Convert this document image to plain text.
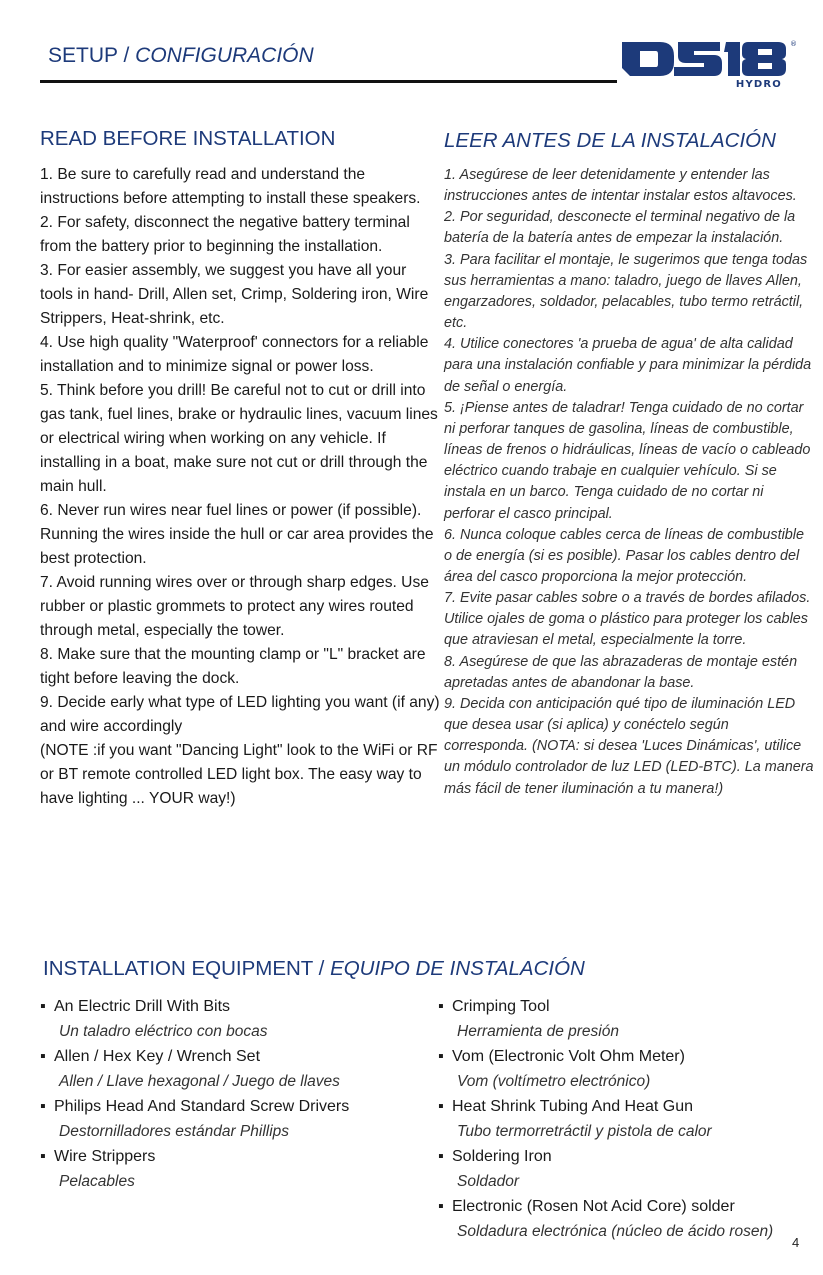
SETUP / CONFIGURACIÓN	®
HYDRO
READ BEFORE INSTALLATION	LEER ANTES DE LA INSTALACIÓN

1. Be sure to carefully read and understand the instructions before attempting to install these speakers.

2. For safety, disconnect the negative battery terminal from the battery prior to beginning the installation.

3. For easier assembly, we suggest you have all your tools in hand- Drill, Allen set, Crimp, Soldering iron, Wire Strippers, Heat-shrink, etc.

4. Use high quality "Waterproof' connectors for a reliable installation and to minimize signal or power loss.

5. Think before you drill! Be careful not to cut or drill into gas tank, fuel lines, brake or hydraulic lines, vacuum lines or electrical wiring when working on any vehicle. If installing in a boat, make sure not cut or drill through the main hull.

6. Never run wires near fuel lines or power (if possible). Running the wires inside the hull or car area provides the best protection.

7. Avoid running wires over or through sharp edges. Use rubber or plastic grommets to protect any wires routed through metal, especially the tower.

8. Make sure that the mounting clamp or "L" bracket are tight before leaving the dock.

9. Decide early what type of LED lighting you want (if any) and wire accordingly

(NOTE :if you want "Dancing Light" look to the WiFi or RF or BT remote controlled LED light box. The easy way to have lighting ... YOUR way!)

1. Asegúrese de leer detenidamente y entender las instrucciones antes de intentar instalar estos altavoces.

2. Por seguridad, desconecte el terminal negativo de la batería de la batería antes de empezar la instalación.

3. Para facilitar el montaje, le sugerimos que tenga todas sus herramientas a mano: taladro, juego de llaves Allen, engarzadores, soldador, pelacables, tubo termo retráctil, etc.

4. Utilice conectores 'a prueba de agua' de alta calidad para una instalación confiable y para minimizar la pérdida de señal o energía.

5. ¡Piense antes de taladrar! Tenga cuidado de no cortar ni perforar tanques de gasolina, líneas de combustible, líneas de frenos o hidráulicas, líneas de vacío o cableado eléctrico cuando trabaje en cualquier vehículo. Si se instala en un barco. Tenga cuidado de no cortar ni perforar el casco principal.

6. Nunca coloque cables cerca de líneas de combustible o de energía (si es posible). Pasar los cables dentro del área del casco proporciona la mejor protección.

7. Evite pasar cables sobre o a través de bordes afilados. Utilice ojales de goma o plástico para proteger los cables que atraviesan el metal, especialmente la torre.

8. Asegúrese de que las abrazaderas de montaje estén apretadas antes de abandonar la base.

9. Decida con anticipación qué tipo de iluminación LED que desea usar (si aplica) y conéctelo según corresponda. (NOTA: si desea 'Luces Dinámicas', utilice un módulo controlador de luz LED (LED-BTC). La manera más fácil de tener iluminación a tu manera!)

INSTALLATION EQUIPMENT / EQUIPO DE INSTALACIÓN
▪ An Electric Drill With Bits
Un taladro eléctrico con bocas
▪ Allen / Hex Key / Wrench Set
Allen / Llave hexagonal / Juego de llaves
▪ Philips Head And Standard Screw Drivers
Destornilladores estándar Phillips
▪ Wire Strippers
Pelacables
▪ Crimping Tool
Herramienta de presión
▪ Vom (Electronic Volt Ohm Meter)
Vom (voltímetro electrónico)
▪ Heat Shrink Tubing And Heat Gun
Tubo termorretráctil y pistola de calor
▪ Soldering Iron
Soldador
▪ Electronic (Rosen Not Acid Core) solder
Soldadura electrónica (núcleo de ácido rosen)
4
